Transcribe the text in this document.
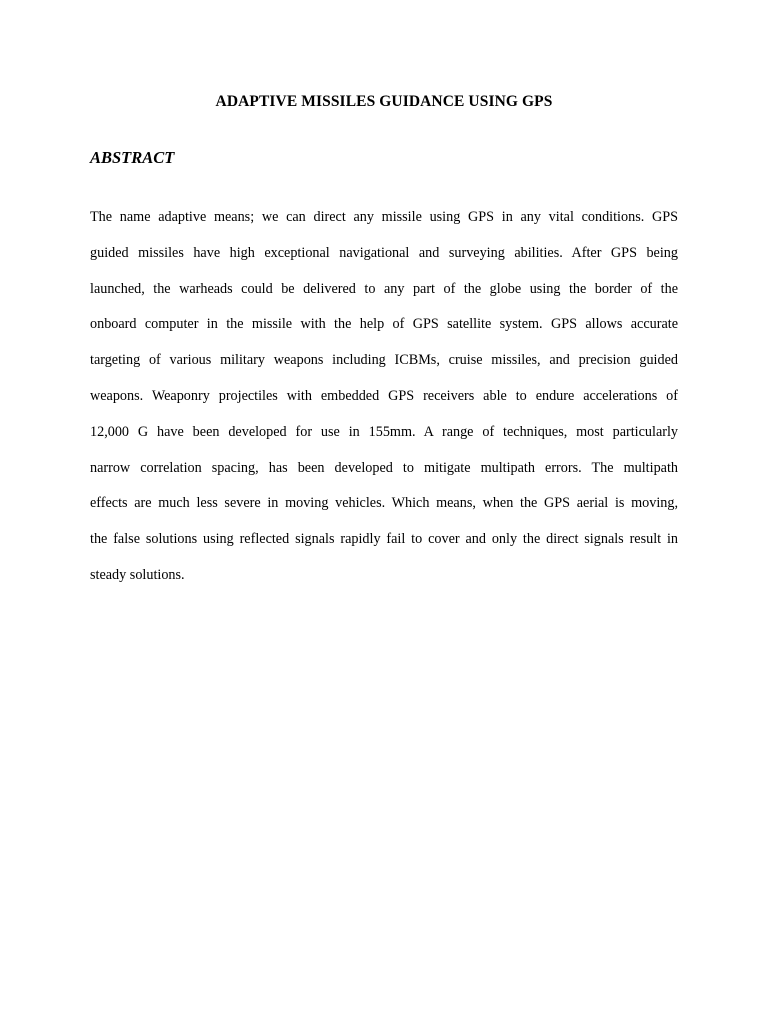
ADAPTIVE MISSILES GUIDANCE USING GPS
ABSTRACT
The name adaptive means; we can direct any missile using GPS in any vital conditions. GPS
guided missiles have high exceptional navigational and surveying abilities. After GPS being
launched, the warheads could be delivered to any part of the globe using the border of the
onboard computer in the missile with the help of GPS satellite system. GPS allows accurate
targeting of various military weapons including ICBMs, cruise missiles, and precision guided
weapons. Weaponry projectiles with embedded GPS receivers able to endure accelerations of
12,000 G have been developed for use in 155mm. A range of techniques, most particularly
narrow correlation spacing, has been developed to mitigate multipath errors. The multipath
effects are much less severe in moving vehicles. Which means, when the GPS aerial is moving,
the false solutions using reflected signals rapidly fail to cover and only the direct signals result in
steady solutions.
